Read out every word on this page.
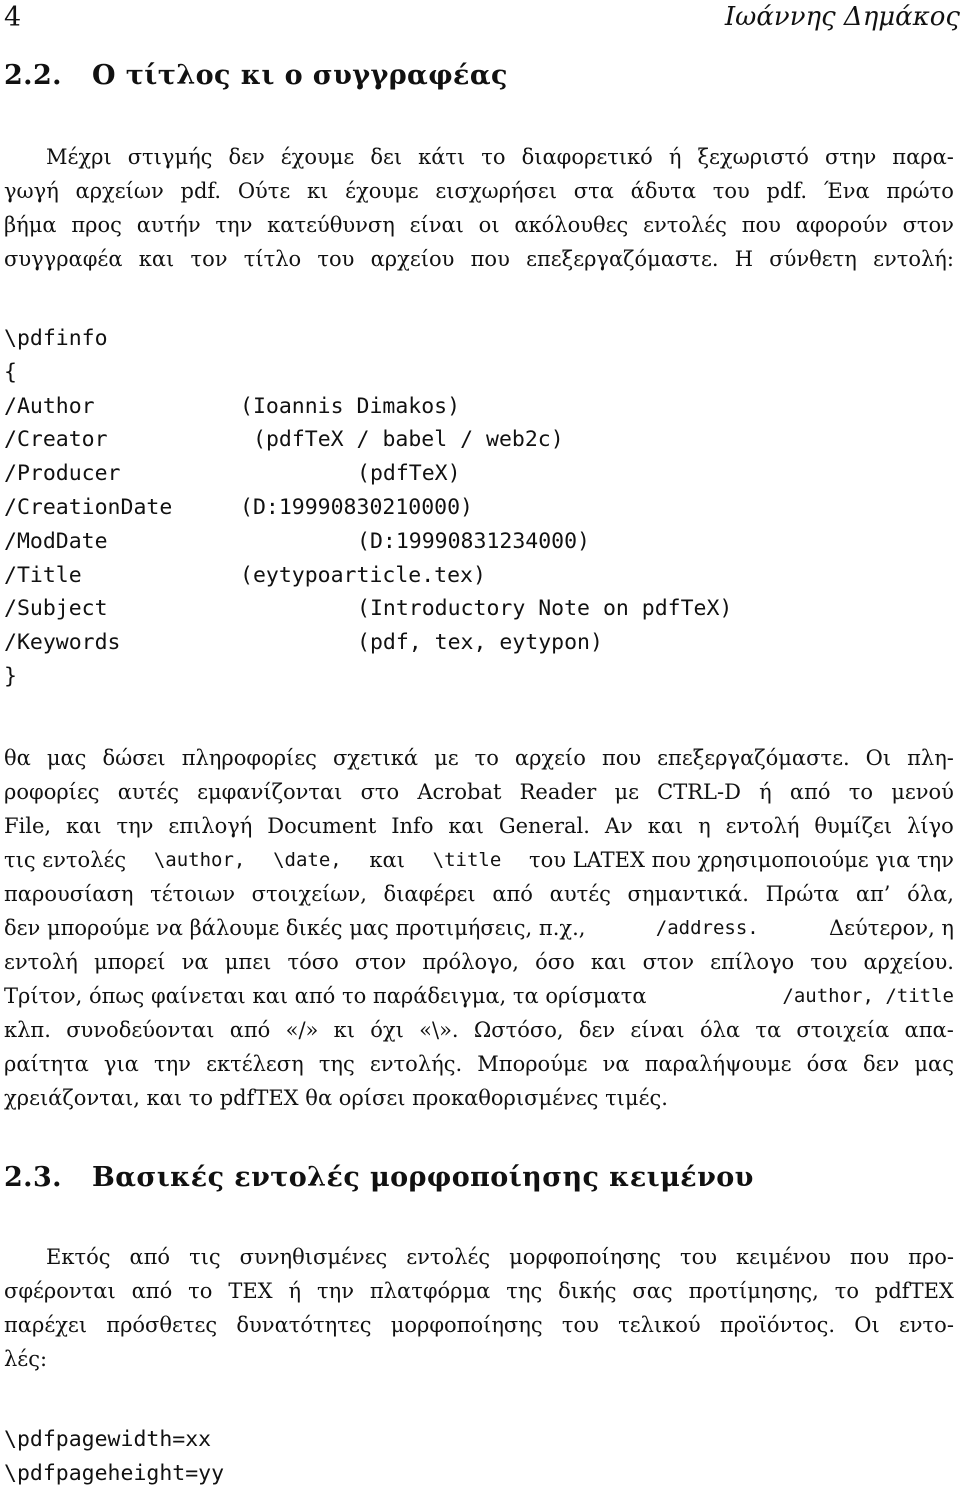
4	Ιωάννης Δημάκος
2.2. Ο τίτλος κι ο συγγραφέας
Μέχρι στιγμής δεν έχουμε δει κάτι το διαφορετικό ή ξεχωριστό στην παρα-
γωγή αρχείων pdf. Ούτε κι έχουμε εισχωρήσει στα άδυτα του pdf. Ένα πρώτο
βήμα προς αυτήν την κατεύθυνση είναι οι ακόλουθες εντολές που αφορούν στον
συγγραφέα και τον τίτλο του αρχείου που επεξεργαζόμαστε. Η σύνθετη εντολή:
\pdfinfo
{
/Author	(Ioannis Dimakos)
/Creator	(pdfTeX / babel / web2c)
/Producer	(pdfTeX)
/CreationDate	(D:19990830210000)
/ModDate	(D:19990831234000)
/Title	(eytypoarticle.tex)
/Subject	(Introductory Note on pdfTeX)
/Keywords	(pdf, tex, eytypon)
}
θα μας δώσει πληροφορίες σχετικά με το αρχείο που επεξεργαζόμαστε. Οι πλη-
ροφορίες αυτές εμφανίζονται στο Acrobat Reader με CTRL-D ή από το μενού
File, και την επιλογή Document Info και General. Αν και η εντολή θυμίζει λίγο
τις εντολές \author, \date, και \title του LATEX που χρησιμοποιούμε για την
παρουσίαση τέτοιων στοιχείων, διαφέρει από αυτές σημαντικά. Πρώτα απ’ όλα,
δεν μπορούμε να βάλουμε δικές μας προτιμήσεις, π.χ.,	/address.	Δεύτερον, η
εντολή μπορεί να μπει τόσο στον πρόλογο, όσο και στον επίλογο του αρχείου.
Τρίτον, όπως φαίνεται και από το παράδειγμα, τα ορίσματα	/author, /title
κλπ. συνοδεύονται από «/» κι όχι «\». Ωστόσο, δεν είναι όλα τα στοιχεία απα-
ραίτητα για την εκτέλεση της εντολής. Μπορούμε να παραλήψουμε όσα δεν μας
χρειάζονται, και το pdfTEX θα ορίσει προκαθορισμένες τιμές.
2.3. Βασικές εντολές μορφοποίησης κειμένου
Εκτός από τις συνηθισμένες εντολές μορφοποίησης του κειμένου που προ-
σφέρονται από το TEX ή την πλατφόρμα της δικής σας προτίμησης, το pdfTEX
παρέχει πρόσθετες δυνατότητες μορφοποίησης του τελικού προϊόντος. Οι εντο-
λές:
\pdfpagewidth=xx
\pdfpageheight=yy
